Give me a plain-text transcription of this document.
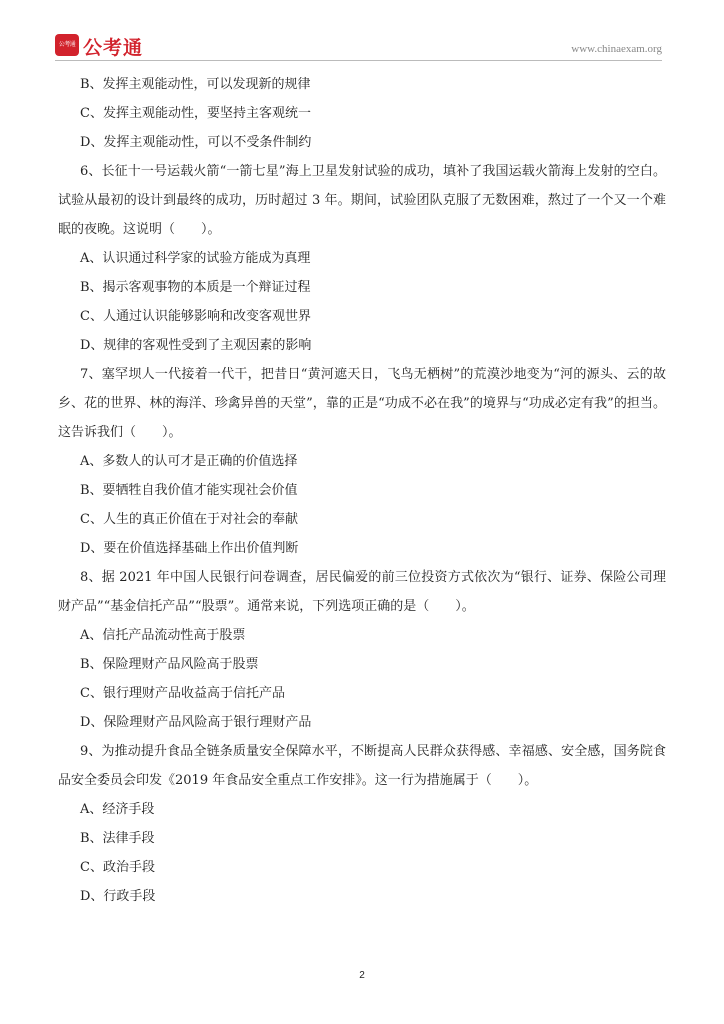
公考通 公考通	www.chinaexam.org
B、发挥主观能动性，可以发现新的规律
C、发挥主观能动性，要坚持主客观统一
D、发挥主观能动性，可以不受条件制约
6、长征十一号运载火箭“一箭七星”海上卫星发射试验的成功，填补了我国运载火箭海上发射的空白。试验从最初的设计到最终的成功，历时超过 3 年。期间，试验团队克服了无数困难，熬过了一个又一个难眠的夜晚。这说明（　　）。
A、认识通过科学家的试验方能成为真理
B、揭示客观事物的本质是一个辩证过程
C、人通过认识能够影响和改变客观世界
D、规律的客观性受到了主观因素的影响
7、塞罕坝人一代接着一代干，把昔日“黄河遮天日，飞鸟无栖树”的荒漠沙地变为“河的源头、云的故乡、花的世界、林的海洋、珍禽异兽的天堂”，靠的正是“功成不必在我”的境界与“功成必定有我”的担当。这告诉我们（　　）。
A、多数人的认可才是正确的价值选择
B、要牺牲自我价值才能实现社会价值
C、人生的真正价值在于对社会的奉献
D、要在价值选择基础上作出价值判断
8、据 2021 年中国人民银行问卷调查，居民偏爱的前三位投资方式依次为“银行、证券、保险公司理财产品”“基金信托产品”“股票”。通常来说，下列选项正确的是（　　）。
A、信托产品流动性高于股票
B、保险理财产品风险高于股票
C、银行理财产品收益高于信托产品
D、保险理财产品风险高于银行理财产品
9、为推动提升食品全链条质量安全保障水平，不断提高人民群众获得感、幸福感、安全感，国务院食品安全委员会印发《2019 年食品安全重点工作安排》。这一行为措施属于（　　）。
A、经济手段
B、法律手段
C、政治手段
D、行政手段
2
